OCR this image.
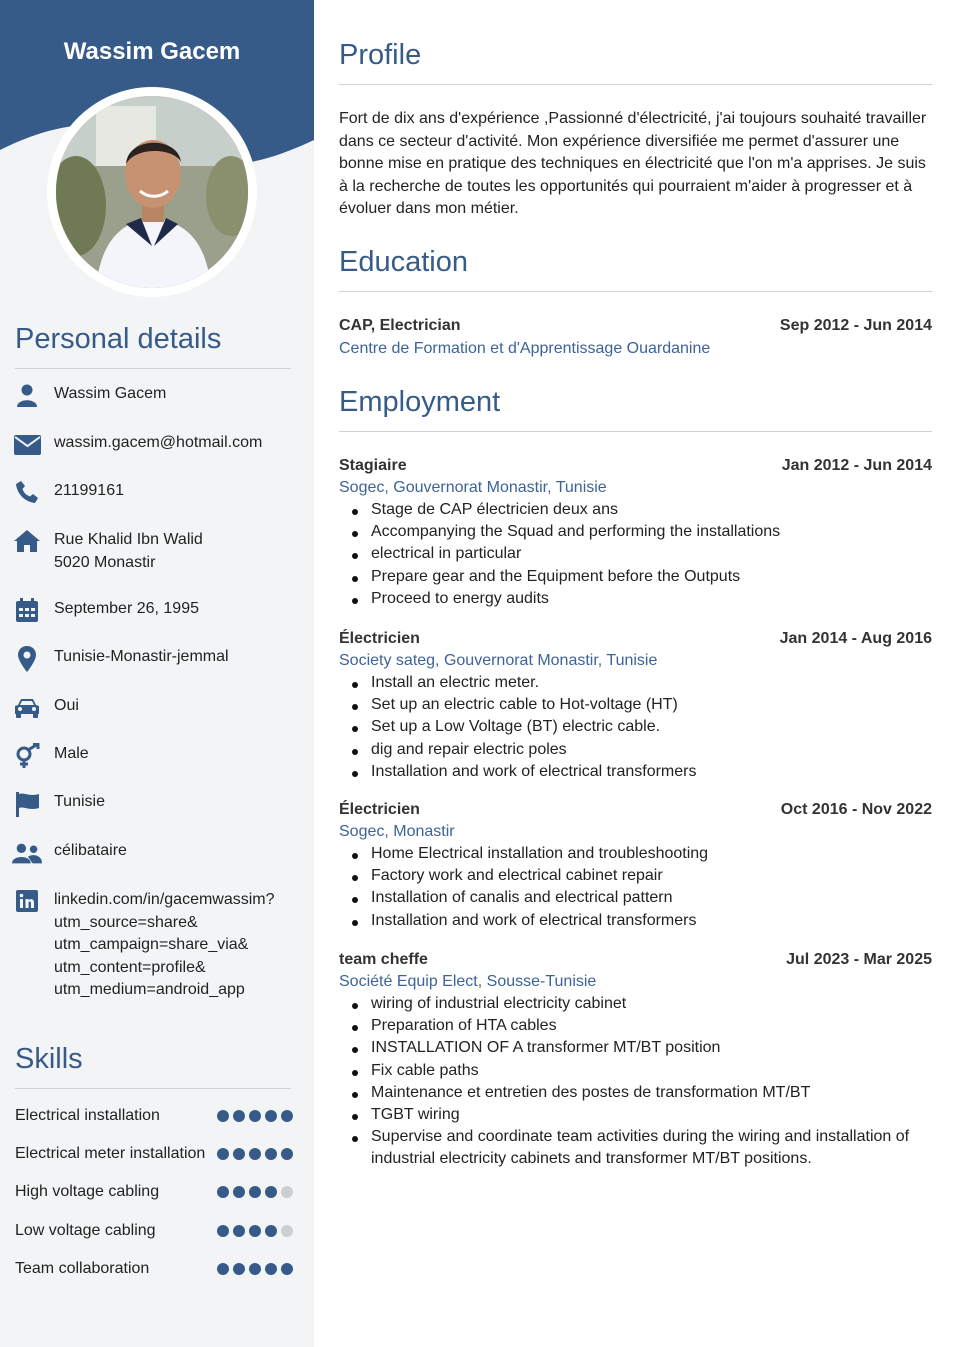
Wassim Gacem
Personal details
Wassim Gacem
wassim.gacem@hotmail.com
21199161
Rue Khalid Ibn Walid
5020 Monastir
September 26, 1995
Tunisie-Monastir-jemmal
Oui
Male
Tunisie
célibataire
linkedin.com/in/gacemwassim?
utm_source=share&
utm_campaign=share_via&
utm_content=profile&
utm_medium=android_app
Skills
Electrical installation
Electrical meter installation
High voltage cabling
Low voltage cabling
Team collaboration
Profile
Fort de dix ans d'expérience ,Passionné d'électricité, j'ai toujours souhaité travailler dans ce secteur d'activité. Mon expérience diversifiée me permet d'assurer une bonne mise en pratique des techniques en électricité que l'on m'a apprises. Je suis à la recherche de toutes les opportunités qui pourraient m'aider à progresser et à évoluer dans mon métier.
Education
CAP, Electrician	Sep 2012 - Jun 2014
Centre de Formation et d'Apprentissage Ouardanine
Employment
Stagiaire	Jan 2012 - Jun 2014
Sogec, Gouvernorat Monastir, Tunisie
Stage de CAP électricien deux ans
Accompanying the Squad and performing the installations
electrical in particular
Prepare gear and the Equipment before the Outputs
Proceed to energy audits
Électricien	Jan 2014 - Aug 2016
Society sateg, Gouvernorat Monastir, Tunisie
Install an electric meter.
Set up an electric cable to Hot-voltage (HT)
Set up a Low Voltage (BT) electric cable.
dig and repair electric poles
Installation and work of electrical transformers
Électricien	Oct 2016 - Nov 2022
Sogec, Monastir
Home Electrical installation and troubleshooting
Factory work and electrical cabinet repair
Installation of canalis and electrical pattern
Installation and work of electrical transformers
team cheffe	Jul 2023 - Mar 2025
Société Equip Elect, Sousse-Tunisie
wiring of industrial electricity cabinet
Preparation of HTA cables
INSTALLATION OF A transformer MT/BT position
Fix cable paths
Maintenance et entretien des postes de transformation MT/BT
TGBT wiring
Supervise and coordinate team activities during the wiring and installation of industrial electricity cabinets and transformer MT/BT positions.
